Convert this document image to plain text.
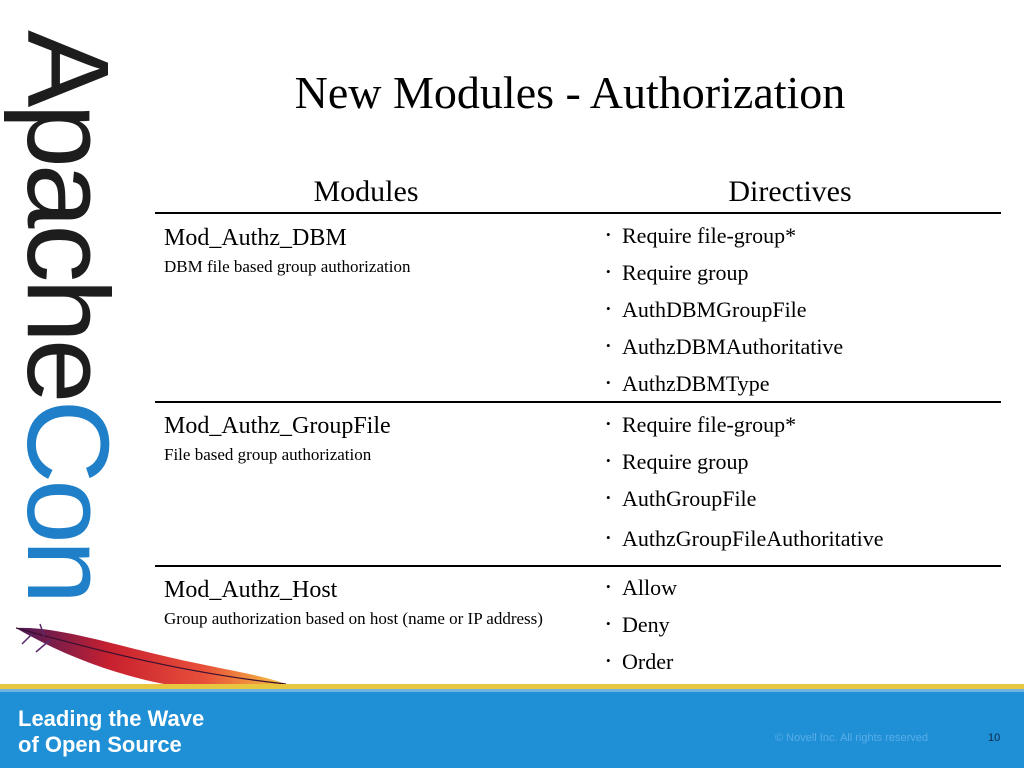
ApacheCon
New Modules - Authorization
Modules	Directives
Mod_Authz_DBM
DBM file based group authorization
• Require file-group*
• Require group
• AuthDBMGroupFile
• AuthzDBMAuthoritative
• AuthzDBMType
Mod_Authz_GroupFile
File based group authorization
• Require file-group*
• Require group
• AuthGroupFile
• AuthzGroupFileAuthoritative
Mod_Authz_Host
Group authorization based on host (name or IP address)
• Allow
• Deny
• Order
Leading the Wave
of Open Source	© Novell Inc. All rights reserved	10
